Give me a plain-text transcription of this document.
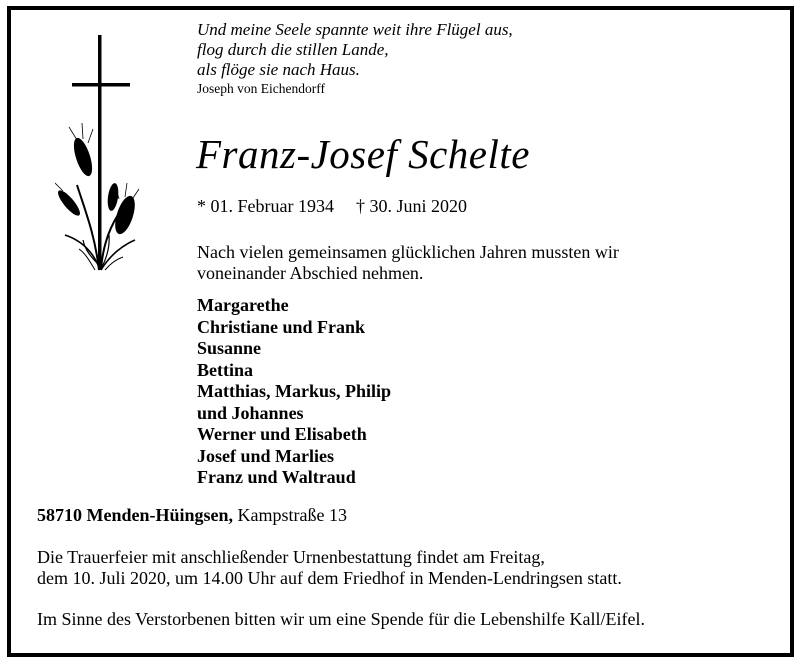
Und meine Seele spannte weit ihre Flügel aus,
flog durch die stillen Lande,
als flöge sie nach Haus.
Joseph von Eichendorff
Franz-Josef Schelte
* 01. Februar 1934 † 30. Juni 2020
Nach vielen gemeinsamen glücklichen Jahren mussten wir
voneinander Abschied nehmen.
Margarethe
Christiane und Frank
Susanne
Bettina
Matthias, Markus, Philip
und Johannes
Werner und Elisabeth
Josef und Marlies
Franz und Waltraud
58710 Menden-Hüingsen, Kampstraße 13
Die Trauerfeier mit anschließender Urnenbestattung findet am Freitag,
dem 10. Juli 2020, um 14.00 Uhr auf dem Friedhof in Menden-Lendringsen statt.
Im Sinne des Verstorbenen bitten wir um eine Spende für die Lebenshilfe Kall/Eifel.
